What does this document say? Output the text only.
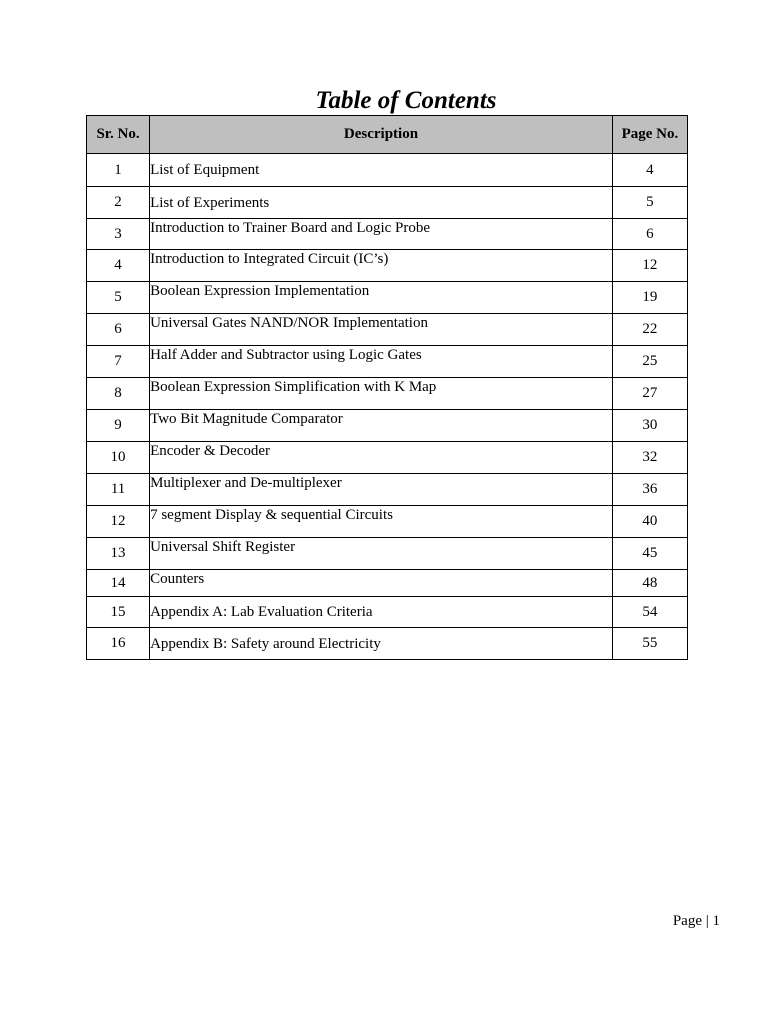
Table of Contents
Sr. No.	Description	Page No.
1	List of Equipment	4
2	List of Experiments	5
3	Introduction to Trainer Board and Logic Probe	6
4	Introduction to Integrated Circuit (IC’s)	12
5	Boolean Expression Implementation	19
6	Universal Gates NAND/NOR Implementation	22
7	Half Adder and Subtractor using Logic Gates	25
8	Boolean Expression Simplification with K Map	27
9	Two Bit Magnitude Comparator	30
10	Encoder & Decoder	32
11	Multiplexer and De-multiplexer	36
12	7 segment Display & sequential Circuits	40
13	Universal Shift Register	45
14	Counters	48
15	Appendix A: Lab Evaluation Criteria	54
16	Appendix B: Safety around Electricity	55
Page | 1
